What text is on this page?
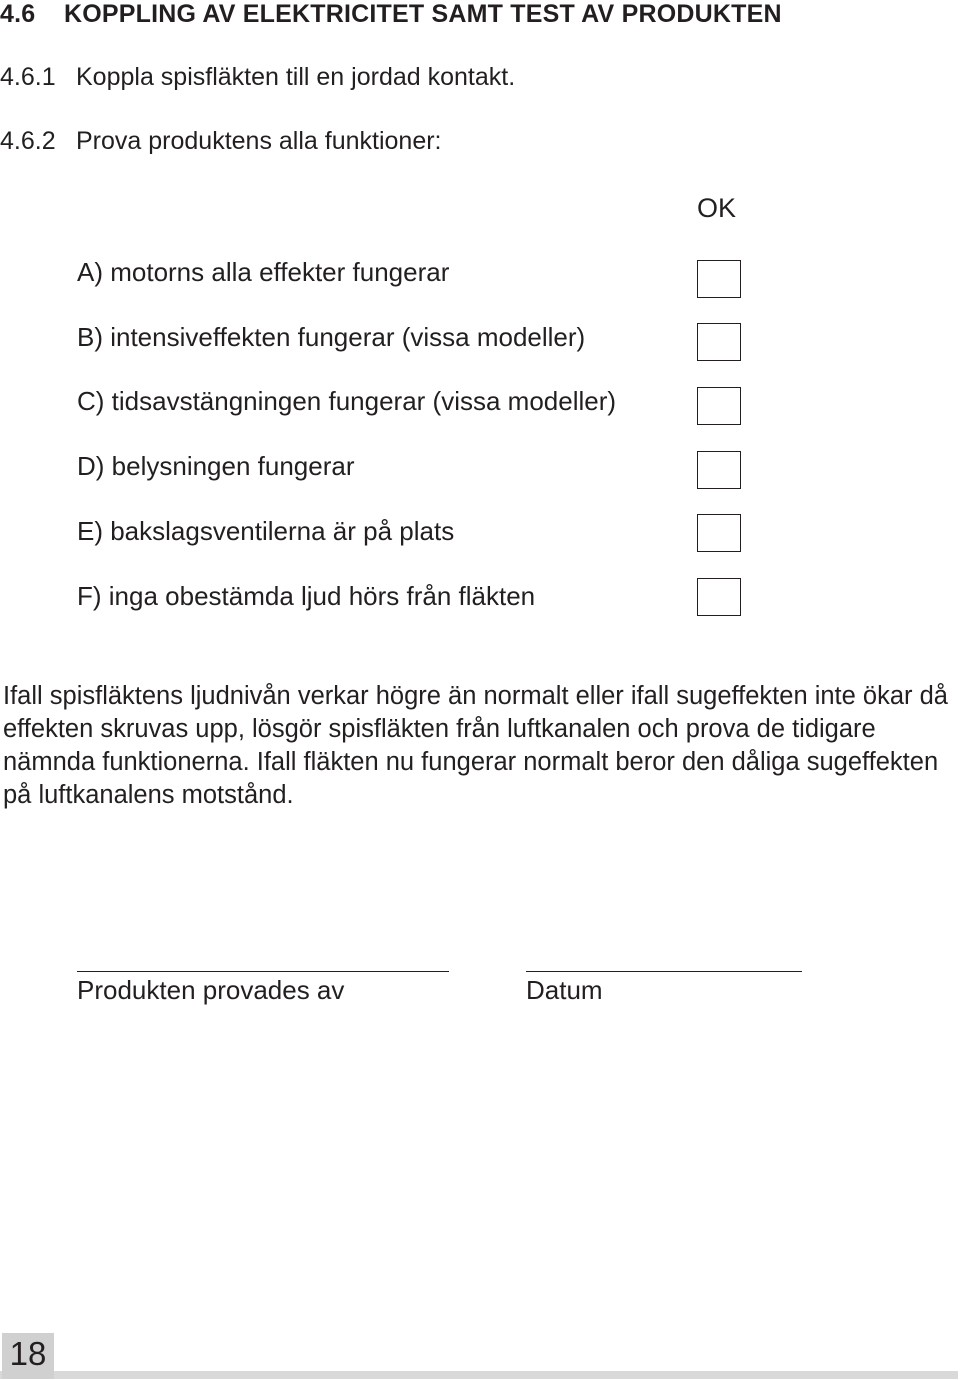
4.6 KOPPLING AV ELEKTRICITET SAMT TEST AV PRODUKTEN
4.6.1 Koppla spisfläkten till en jordad kontakt.
4.6.2 Prova produktens alla funktioner:
OK
A) motorns alla effekter fungerar
B) intensiveffekten fungerar (vissa modeller)
C) tidsavstängningen fungerar (vissa modeller)
D) belysningen fungerar
E) bakslagsventilerna är på plats
F) inga obestämda ljud hörs från fläkten
Ifall spisfläktens ljudnivån verkar högre än normalt eller ifall sugeffekten inte ökar då effekten skruvas upp, lösgör spisfläkten från luftkanalen och prova de tidigare nämnda funktionerna. Ifall fläkten nu fungerar normalt beror den dåliga sugeffekten på luftkanalens motstånd.
Produkten provades av	Datum
18
